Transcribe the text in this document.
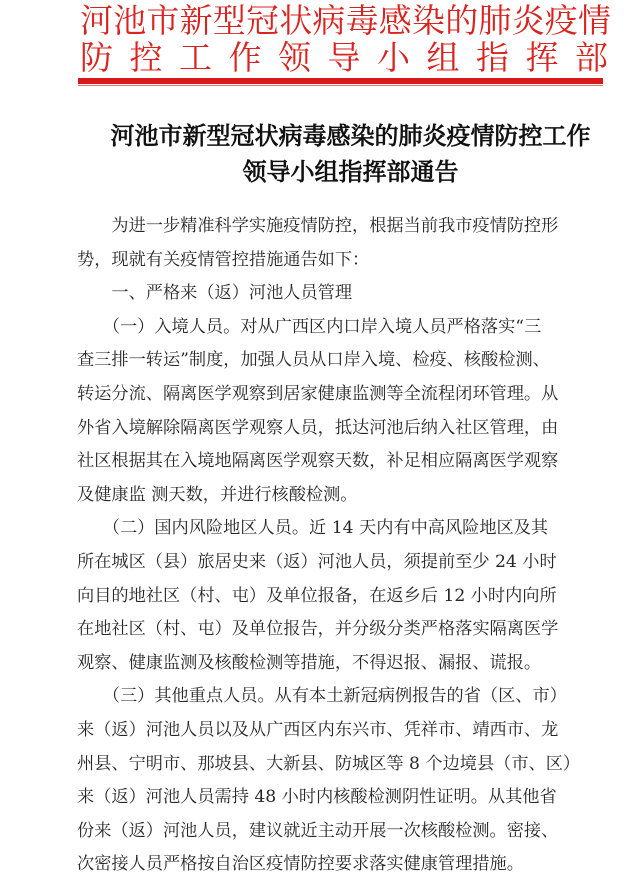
河池市新型冠状病毒感染的肺炎疫情
防控工作领导小组指挥部
河池市新型冠状病毒感染的肺炎疫情防控工作
领导小组指挥部通告
为进一步精准科学实施疫情防控，根据当前我市疫情防控形
势，现就有关疫情管控措施通告如下：
一、严格来（返）河池人员管理
（一）入境人员。对从广西区内口岸入境人员严格落实“三
查三排一转运”制度，加强人员从口岸入境、检疫、核酸检测、
转运分流、隔离医学观察到居家健康监测等全流程闭环管理。从
外省入境解除隔离医学观察人员，抵达河池后纳入社区管理，由
社区根据其在入境地隔离医学观察天数，补足相应隔离医学观察
及健康监 测天数，并进行核酸检测。
（二）国内风险地区人员。近 14 天内有中高风险地区及其
所在城区（县）旅居史来（返）河池人员，须提前至少 24 小时
向目的地社区（村、屯）及单位报备，在返乡后 12 小时内向所
在地社区（村、屯）及单位报告，并分级分类严格落实隔离医学
观察、健康监测及核酸检测等措施，不得迟报、漏报、谎报。
（三）其他重点人员。从有本土新冠病例报告的省（区、市）
来（返）河池人员以及从广西区内东兴市、凭祥市、靖西市、龙
州县、宁明市、那坡县、大新县、防城区等 8 个边境县（市、区）
来（返）河池人员需持 48 小时内核酸检测阴性证明。从其他省
份来（返）河池人员，建议就近主动开展一次核酸检测。密接、
次密接人员严格按自治区疫情防控要求落实健康管理措施。
